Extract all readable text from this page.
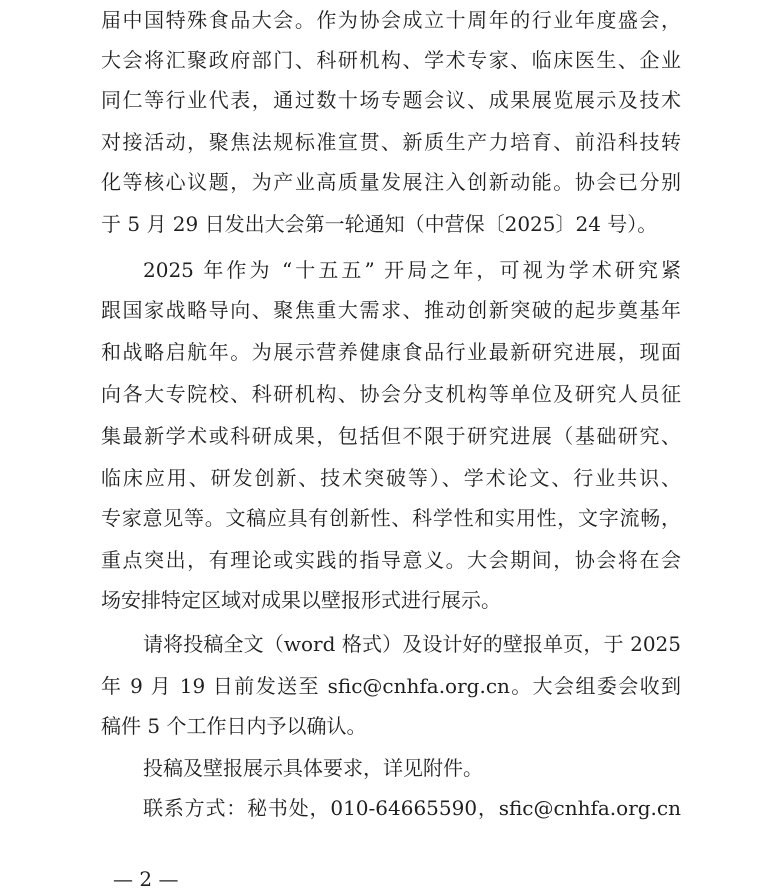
届中国特殊食品大会。作为协会成立十周年的行业年度盛会，
大会将汇聚政府部门、科研机构、学术专家、临床医生、企业
同仁等行业代表，通过数十场专题会议、成果展览展示及技术
对接活动，聚焦法规标准宣贯、新质生产力培育、前沿科技转
化等核心议题，为产业高质量发展注入创新动能。协会已分别
于 5 月 29 日发出大会第一轮通知（中营保〔2025〕24 号）。
2025 年作为 “十五五” 开局之年，可视为学术研究紧
跟国家战略导向、聚焦重大需求、推动创新突破的起步奠基年
和战略启航年。为展示营养健康食品行业最新研究进展，现面
向各大专院校、科研机构、协会分支机构等单位及研究人员征
集最新学术或科研成果，包括但不限于研究进展（基础研究、
临床应用、研发创新、技术突破等）、学术论文、行业共识、
专家意见等。文稿应具有创新性、科学性和实用性，文字流畅，
重点突出，有理论或实践的指导意义。大会期间，协会将在会
场安排特定区域对成果以壁报形式进行展示。
请将投稿全文（word 格式）及设计好的壁报单页，于 2025
年 9 月 19 日前发送至 sfic@cnhfa.org.cn。大会组委会收到
稿件 5 个工作日内予以确认。
投稿及壁报展示具体要求，详见附件。
联系方式：秘书处，010-64665590，sfic@cnhfa.org.cn
— 2 —
